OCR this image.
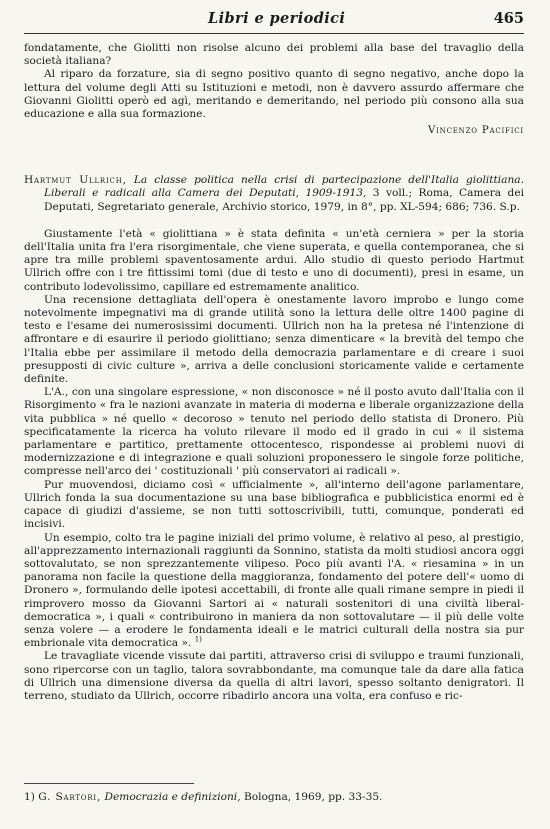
Libri e periodici	465

fondatamente, che Giolitti non risolse alcuno dei problemi alla base del travaglio della società italiana?

Al riparo da forzature, sia di segno positivo quanto di segno negativo, anche dopo la lettura del volume degli Atti su Istituzioni e metodi, non è davvero assurdo affermare che Giovanni Giolitti operò ed agì, meritando e demeritando, nel periodo più consono alla sua educazione e alla sua formazione.

Vincenzo Pacifici
Hartmut Ullrich, La classe politica nella crisi di partecipazione dell'Italia giolittiana. Liberali e radicali alla Camera dei Deputati, 1909-1913, 3 voll.; Roma, Camera dei Deputati, Segretariato generale, Archivio storico, 1979, in 8°, pp. XL-594; 686; 736. S.p.

Giustamente l'età « giolittiana » è stata definita « un'età cerniera » per la storia dell'Italia unita fra l'era risorgimentale, che viene superata, e quella contemporanea, che si apre tra mille problemi spaventosamente ardui. Allo studio di questo periodo Hartmut Ullrich offre con i tre fittissimi tomi (due di testo e uno di documenti), presi in esame, un contributo lodevolissimo, capillare ed estremamente analitico.

Una recensione dettagliata dell'opera è onestamente lavoro improbo e lungo come notevolmente impegnativi ma di grande utilità sono la lettura delle oltre 1400 pagine di testo e l'esame dei numerosissimi documenti. Ullrich non ha la pretesa né l'intenzione di affrontare e di esaurire il periodo giolittiano; senza dimenticare « la brevità del tempo che l'Italia ebbe per assimilare il metodo della democrazia parlamentare e di creare i suoi presupposti di civic culture », arriva a delle conclusioni storicamente valide e certamente definite.

L'A., con una singolare espressione, « non disconosce » né il posto avuto dall'Italia con il Risorgimento « fra le nazioni avanzate in materia di moderna e liberale organizzazione della vita pubblica » né quello « decoroso » tenuto nel periodo dello statista di Dronero. Più specificatamente la ricerca ha voluto rilevare il modo ed il grado in cui « il sistema parlamentare e partitico, prettamente ottocentesco, rispondesse ai problemi nuovi di modernizzazione e di integrazione e quali soluzioni proponessero le singole forze politiche, compresse nell'arco dei ' costituzionali ' più conservatori ai radicali ».

Pur muovendosi, diciamo così « ufficialmente », all'interno dell'agone parlamentare, Ullrich fonda la sua documentazione su una base bibliografica e pubblicistica enormi ed è capace di giudizi d'assieme, se non tutti sottoscrivibili, tutti, comunque, ponderati ed incisivi.

Un esempio, colto tra le pagine iniziali del primo volume, è relativo al peso, al prestigio, all'apprezzamento internazionali raggiunti da Sonnino, statista da molti studiosi ancora oggi sottovalutato, se non sprezzantemente vilipeso. Poco più avanti l'A. « riesamina » in un panorama non facile la questione della maggioranza, fondamento del potere dell'« uomo di Dronero », formulando delle ipotesi accettabili, di fronte alle quali rimane sempre in piedi il rimprovero mosso da Giovanni Sartori ai « naturali sostenitori di una civiltà liberal-democratica », i quali « contribuirono in maniera da non sottovalutare — il più delle volte senza volere — a erodere le fondamenta ideali e le matrici culturali della nostra sia pur embrionale vita democratica ». $^{1)}$

Le travagliate vicende vissute dai partiti, attraverso crisi di sviluppo e traumi funzionali, sono ripercorse con un taglio, talora sovrabbondante, ma comunque tale da dare alla fatica di Ullrich una dimensione diversa da quella di altri lavori, spesso soltanto denigratori. Il terreno, studiato da Ullrich, occorre ribadirlo ancora una volta, era confuso e ric-

1) G. Sartori, Democrazia e definizioni, Bologna, 1969, pp. 33-35.
